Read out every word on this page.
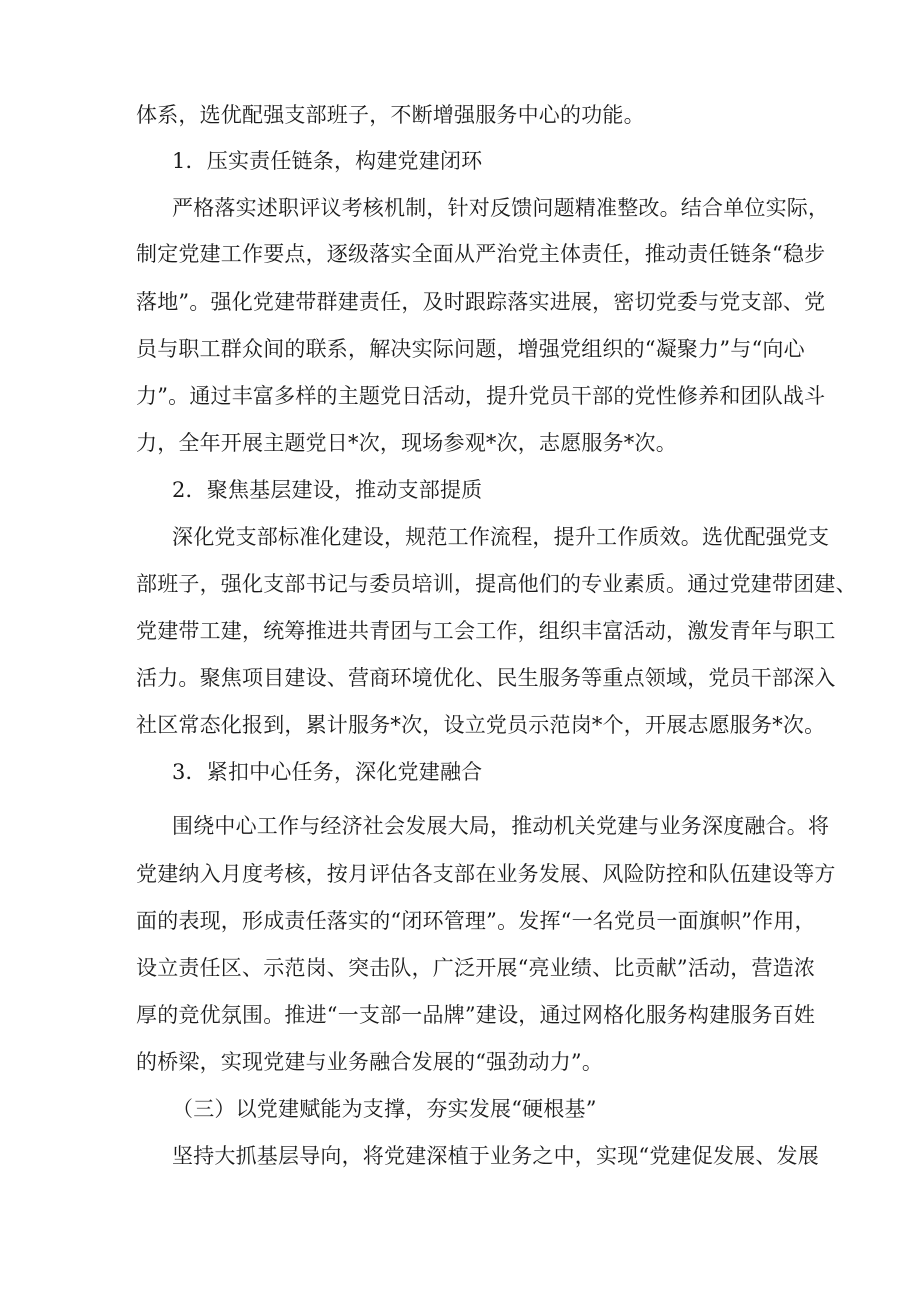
体系，选优配强支部班子，不断增强服务中心的功能。
1．压实责任链条，构建党建闭环
严格落实述职评议考核机制，针对反馈问题精准整改。结合单位实际，
制定党建工作要点，逐级落实全面从严治党主体责任，推动责任链条“稳步
落地”。强化党建带群建责任，及时跟踪落实进展，密切党委与党支部、党
员与职工群众间的联系，解决实际问题，增强党组织的“凝聚力”与“向心
力”。通过丰富多样的主题党日活动，提升党员干部的党性修养和团队战斗
力，全年开展主题党日*次，现场参观*次，志愿服务*次。
2．聚焦基层建设，推动支部提质
深化党支部标准化建设，规范工作流程，提升工作质效。选优配强党支
部班子，强化支部书记与委员培训，提高他们的专业素质。通过党建带团建、
党建带工建，统筹推进共青团与工会工作，组织丰富活动，激发青年与职工
活力。聚焦项目建设、营商环境优化、民生服务等重点领域，党员干部深入
社区常态化报到，累计服务*次，设立党员示范岗*个，开展志愿服务*次。
3．紧扣中心任务，深化党建融合
围绕中心工作与经济社会发展大局，推动机关党建与业务深度融合。将
党建纳入月度考核，按月评估各支部在业务发展、风险防控和队伍建设等方
面的表现，形成责任落实的“闭环管理”。发挥“一名党员一面旗帜”作用，
设立责任区、示范岗、突击队，广泛开展“亮业绩、比贡献”活动，营造浓
厚的竞优氛围。推进“一支部一品牌”建设，通过网格化服务构建服务百姓
的桥梁，实现党建与业务融合发展的“强劲动力”。
（三）以党建赋能为支撑，夯实发展“硬根基”
坚持大抓基层导向，将党建深植于业务之中，实现“党建促发展、发展
